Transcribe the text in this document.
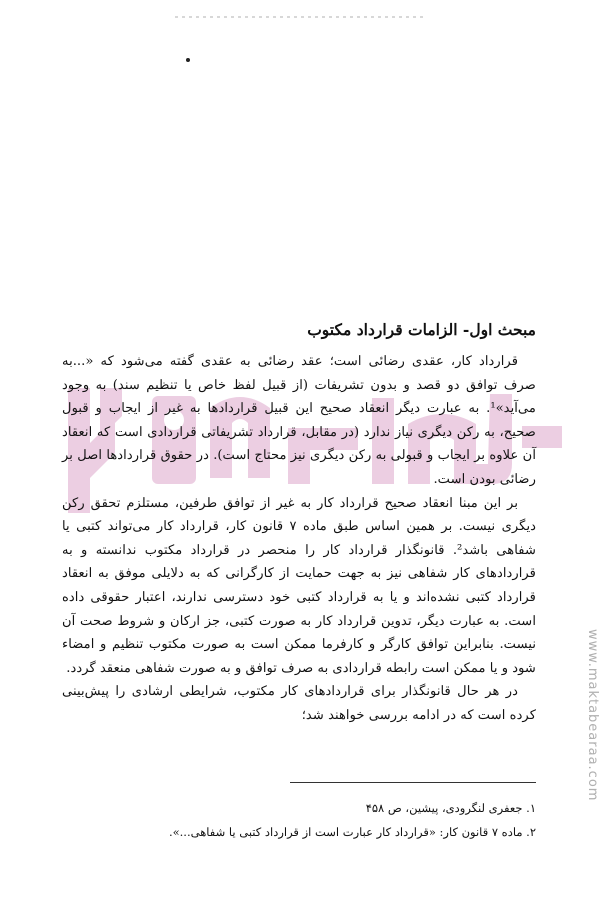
www.maktabearaa.com
مبحث اول- الزامات قرارداد مکتوب

قرارداد کار، عقدی رضائی است؛ عقد رضائی به عقدی گفته می‌شود که «...به صرف توافق دو قصد و بدون تشریفات (از قبیل لفظ خاص یا تنظیم سند) به وجود می‌آید»¹. به عبارت دیگر انعقاد صحیح این قبیل قراردادها به غیر از ایجاب و قبول صحیح، به رکن دیگری نیاز ندارد (در مقابل، قرارداد تشریفاتی قراردادی است که انعقاد آن علاوه بر ایجاب و قبولی به رکن دیگری نیز محتاج است). در حقوق قراردادها اصل بر رضائی بودن است.

بر این مبنا انعقاد صحیح قرارداد کار به غیر از توافق طرفین، مستلزم تحقق رکن دیگری نیست. بر همین اساس طبق ماده ۷ قانون کار، قرارداد کار می‌تواند کتبی یا شفاهی باشد². قانونگذار قرارداد کار را منحصر در قرارداد مکتوب ندانسته و به قراردادهای کار شفاهی نیز به جهت حمایت از کارگرانی که به دلایلی موفق به انعقاد قرارداد کتبی نشده‌اند و یا به قرارداد کتبی خود دسترسی ندارند، اعتبار حقوقی داده است. به عبارت دیگر، تدوین قرارداد کار به صورت کتبی، جز ارکان و شروط صحت آن نیست. بنابراین توافق کارگر و کارفرما ممکن است به صورت مکتوب تنظیم و امضاء شود و یا ممکن است رابطه قراردادی به صرف توافق و به صورت شفاهی منعقد گردد.

در هر حال قانونگذار برای قراردادهای کار مکتوب، شرایطی ارشادی را پیش‌بینی کرده است که در ادامه بررسی خواهند شد؛

۱. جعفری لنگرودی، پیشین، ص ۴۵۸
۲. ماده ۷ قانون کار: «قرارداد کار عبارت است از قرارداد کتبی یا شفاهی...».
